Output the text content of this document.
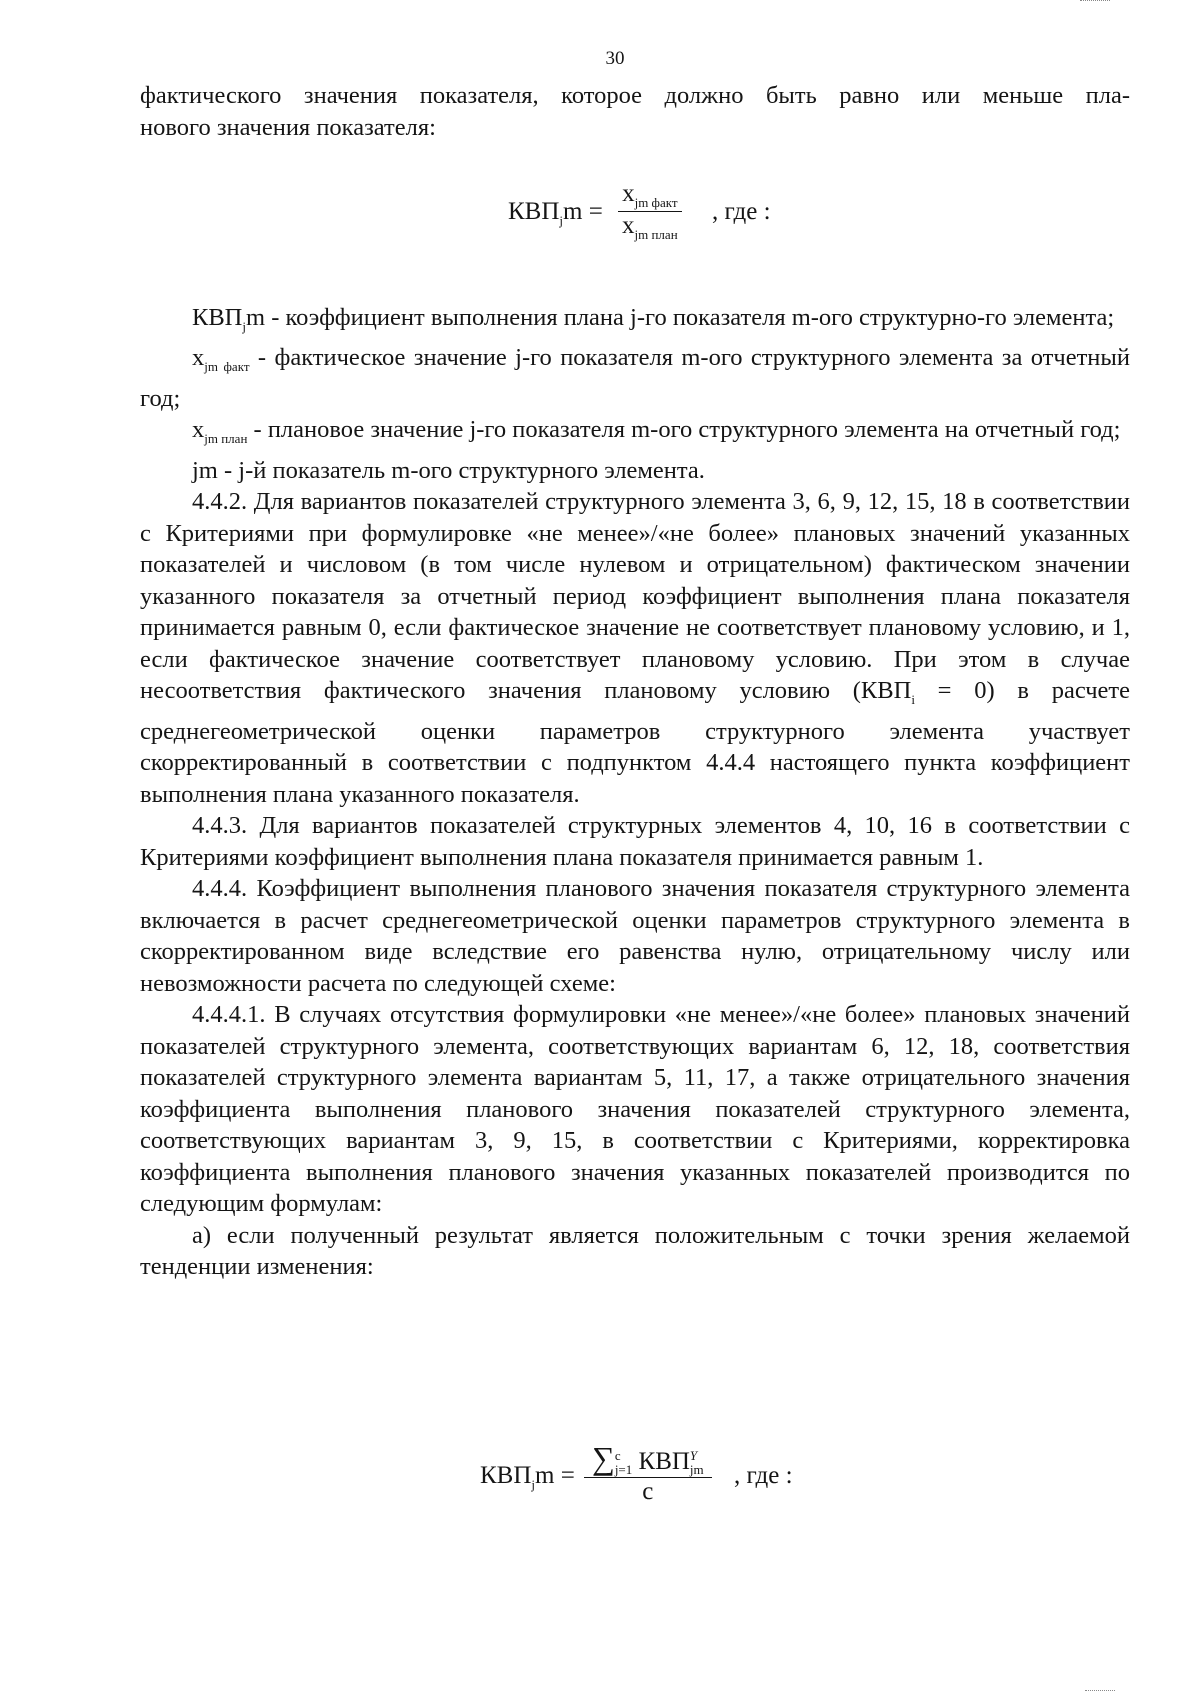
30

фактического значения показателя, которое должно быть равно или меньше пла-

нового значения показателя:

$КВП_jm$ =
$x_{jm факт}$
$x_{jm план}$
, где :

$КВП_jm$ - коэффициент выполнения плана j-го показателя m-ого структурно-го элемента;

$x_{jm факт}$ - фактическое значение j-го показателя m-ого структурного элемента за отчетный год;

$x_{jm план}$ - плановое значение j-го показателя m-ого структурного элемента на отчетный год;

jm - j-й показатель m-ого структурного элемента.

4.4.2. Для вариантов показателей структурного элемента 3, 6, 9, 12, 15, 18 в соответствии с Критериями при формулировке «не менее»/«не более» плановых значений указанных показателей и числовом (в том числе нулевом и отрицательном) фактическом значении указанного показателя за отчетный период коэффициент выполнения плана показателя принимается равным 0, если фактическое значение не соответствует плановому условию, и 1, если фактическое значение соответствует плановому условию. При этом в случае несоответствия фактического значения плановому условию $(КВП_i = 0)$ в расчете среднегеометрической оценки параметров структурного элемента участвует скорректированный в соответствии с подпунктом 4.4.4 настоящего пункта коэффициент выполнения плана указанного показателя.

4.4.3. Для вариантов показателей структурных элементов 4, 10, 16 в соответствии с Критериями коэффициент выполнения плана показателя принимается равным 1.

4.4.4. Коэффициент выполнения планового значения показателя структурного элемента включается в расчет среднегеометрической оценки параметров структурного элемента в скорректированном виде вследствие его равенства нулю, отрицательному числу или невозможности расчета по следующей схеме:

4.4.4.1. В случаях отсутствия формулировки «не менее»/«не более» плановых значений показателей структурного элемента, соответствующих вариантам 6, 12, 18, соответствия показателей структурного элемента вариантам 5, 11, 17, а также отрицательного значения коэффициента выполнения планового значения показателей структурного элемента, соответствующих вариантам 3, 9, 15, в соответствии с Критериями, корректировка коэффициента выполнения планового значения указанных показателей производится по следующим формулам:

а) если полученный результат является положительным с точки зрения желаемой тенденции изменения:

$КВП_jm$ = ∑ c
j=1 КВП Y
jm
c
, где :
